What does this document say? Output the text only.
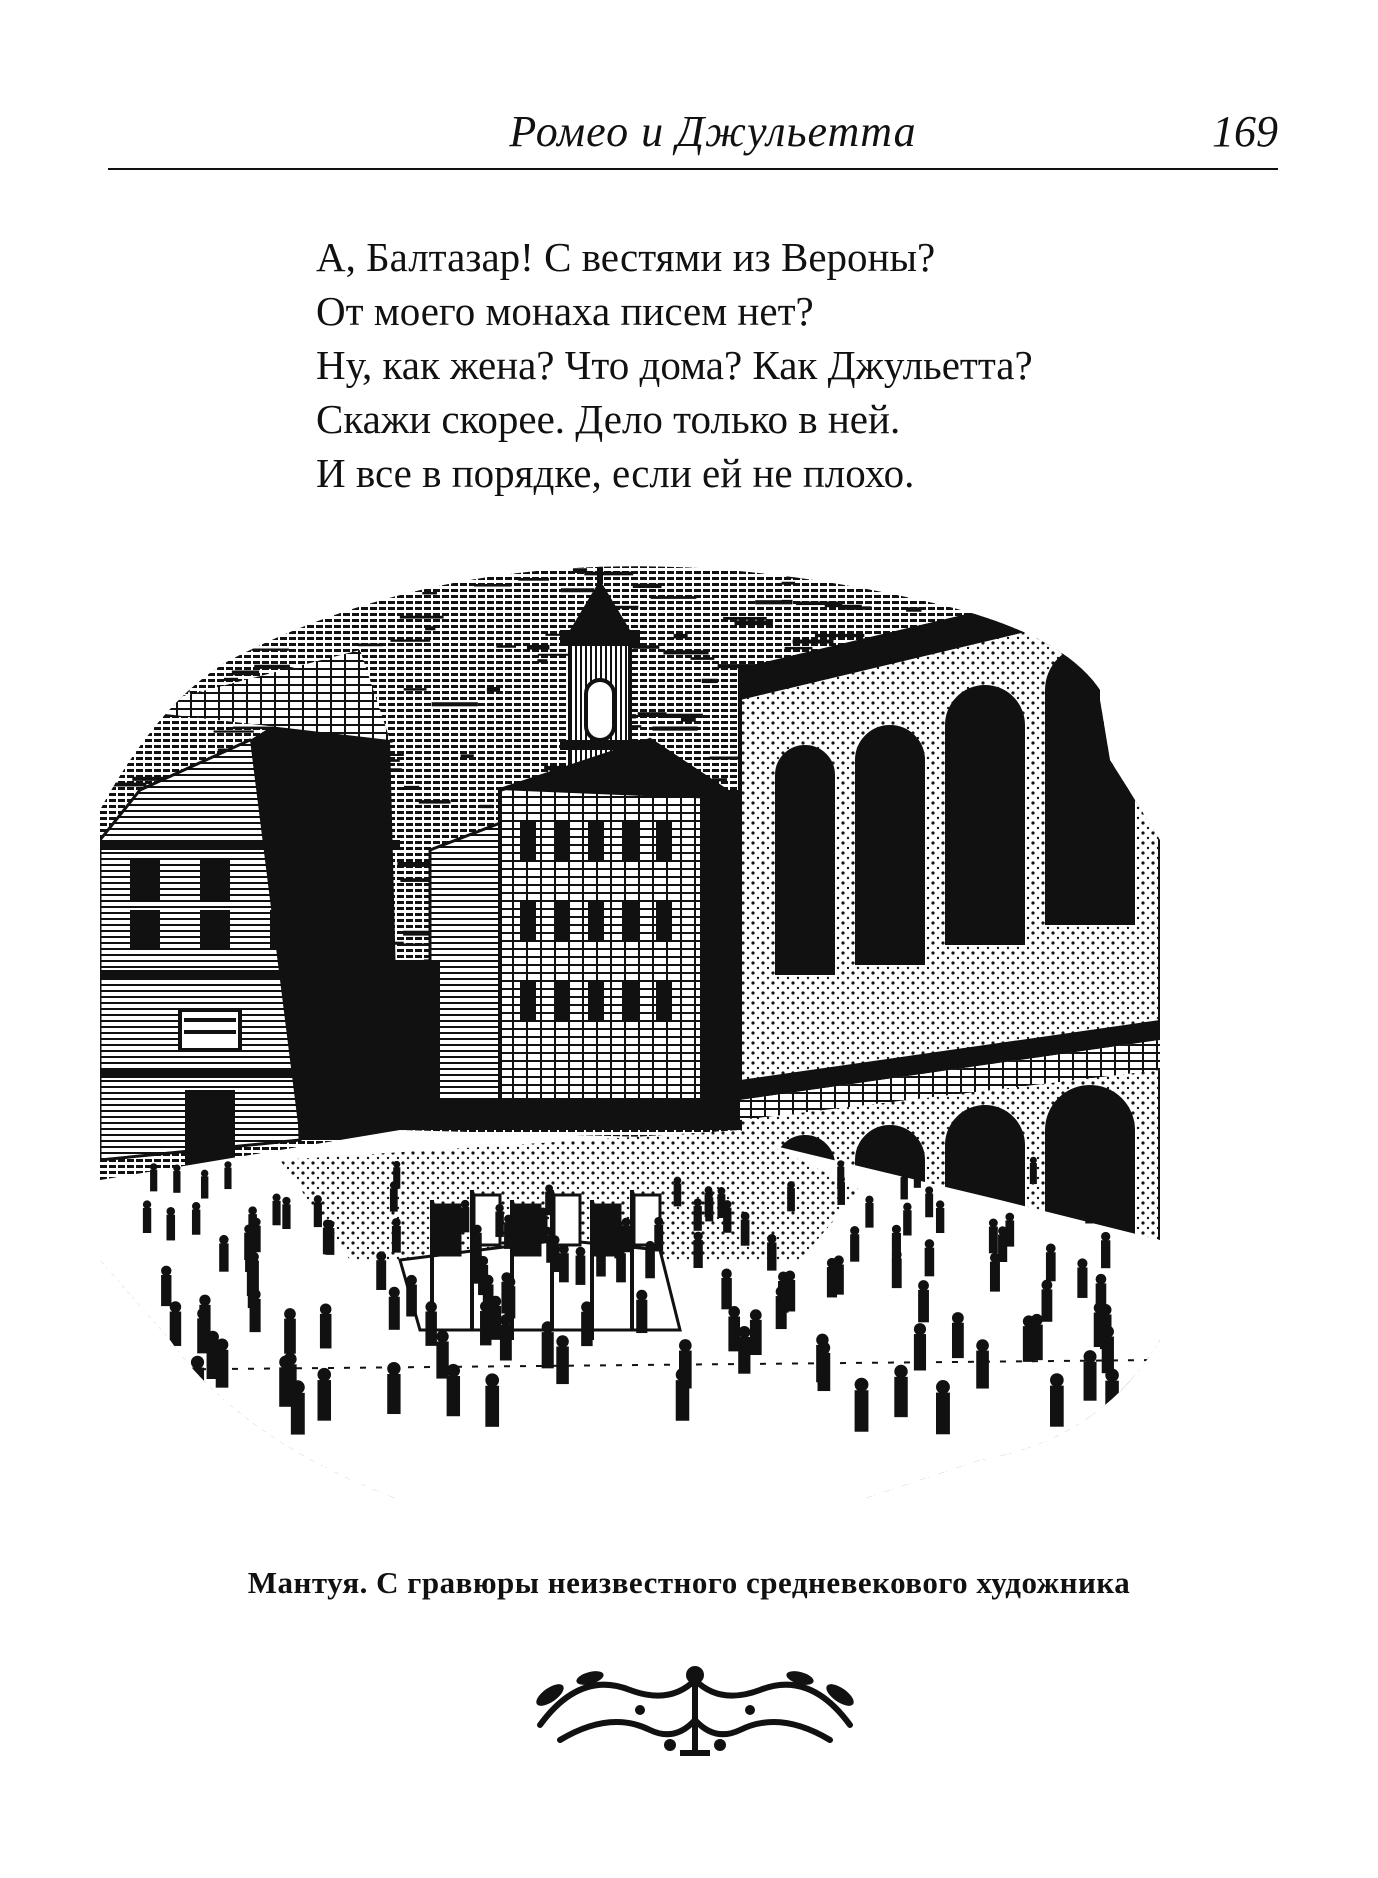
Ромео и Джульетта	169
А, Балтазар! С вестями из Вероны?
От моего монаха писем нет?
Ну, как жена? Что дома? Как Джульетта?
Скажи скорее. Дело только в ней.
И все в порядке, если ей не плохо.
Мантуя. С гравюры неизвестного средневекового художника
